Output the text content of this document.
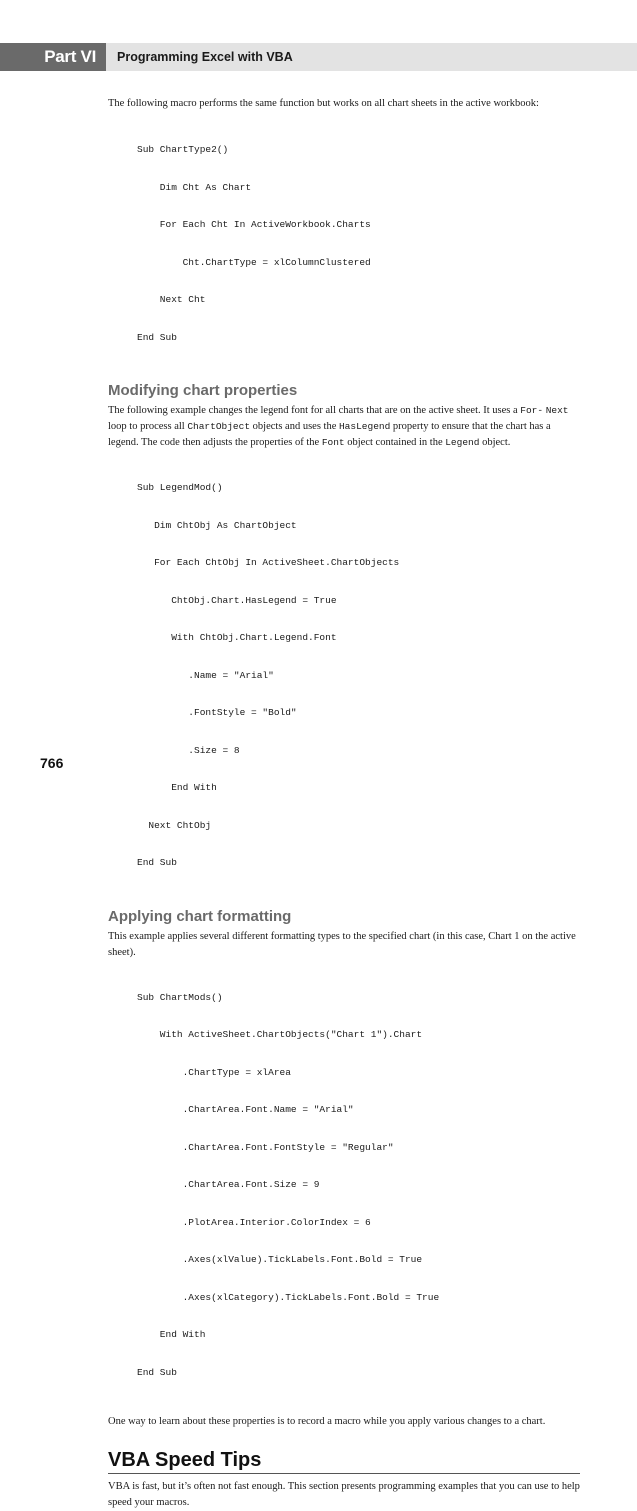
Part VI	Programming Excel with VBA

The following macro performs the same function but works on all chart sheets in the active workbook:

Sub ChartType2()

Dim Cht As Chart

For Each Cht In ActiveWorkbook.Charts

Cht.ChartType = xlColumnClustered

Next Cht

End Sub

Modifying chart properties

The following example changes the legend font for all charts that are on the active sheet. It uses a For- Next loop to process all ChartObject objects and uses the HasLegend property to ensure that the chart has a legend. The code then adjusts the properties of the Font object contained in the Legend object.

Sub LegendMod()

Dim ChtObj As ChartObject

For Each ChtObj In ActiveSheet.ChartObjects

ChtObj.Chart.HasLegend = True

With ChtObj.Chart.Legend.Font

.Name = "Arial"

.FontStyle = "Bold"

.Size = 8

End With

Next ChtObj

End Sub

Applying chart formatting

This example applies several different formatting types to the specified chart (in this case, Chart 1 on the active sheet).

Sub ChartMods()

With ActiveSheet.ChartObjects("Chart 1").Chart

.ChartType = xlArea

.ChartArea.Font.Name = "Arial"

.ChartArea.Font.FontStyle = "Regular"

.ChartArea.Font.Size = 9

.PlotArea.Interior.ColorIndex = 6

.Axes(xlValue).TickLabels.Font.Bold = True

.Axes(xlCategory).TickLabels.Font.Bold = True

End With

End Sub

One way to learn about these properties is to record a macro while you apply various changes to a chart.

VBA Speed Tips

VBA is fast, but it’s often not fast enough. This section presents programming examples that you can use to help speed your macros.

766
